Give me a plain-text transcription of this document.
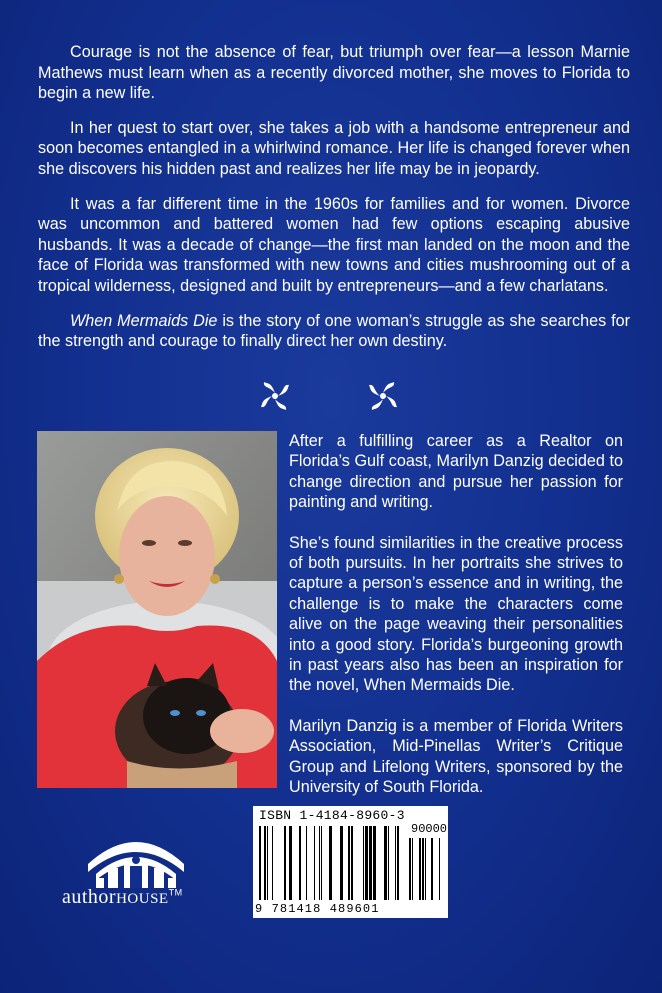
Courage is not the absence of fear, but triumph over fear—a lesson Marnie Mathews must learn when as a recently divorced mother, she moves to Florida to begin a new life.

In her quest to start over, she takes a job with a handsome entrepreneur and soon becomes entangled in a whirlwind romance. Her life is changed forever when she discovers his hidden past and realizes her life may be in jeopardy.

It was a far different time in the 1960s for families and for women. Divorce was uncommon and battered women had few options escaping abusive husbands. It was a decade of change—the first man landed on the moon and the face of Florida was transformed with new towns and cities mushrooming out of a tropical wilderness, designed and built by entrepreneurs—and a few charlatans.

When Mermaids Die is the story of one woman’s struggle as she searches for the strength and courage to finally direct her own destiny.

After a fulfilling career as a Realtor on Florida’s Gulf coast, Marilyn Danzig decided to change direction and pursue her passion for painting and writing.

She’s found similarities in the creative process of both pursuits. In her portraits she strives to capture a person’s essence and in writing, the challenge is to make the characters come alive on the page weaving their personalities into a good story. Florida’s burgeoning growth in past years also has been an inspiration for the novel, When Mermaids Die.

Marilyn Danzig is a member of Florida Writers Association, Mid-Pinellas Writer’s Critique Group and Lifelong Writers, sponsored by the University of South Florida.

authorHOUSE™
ISBN 1-4184-8960-3
90000
9 781418 489601
